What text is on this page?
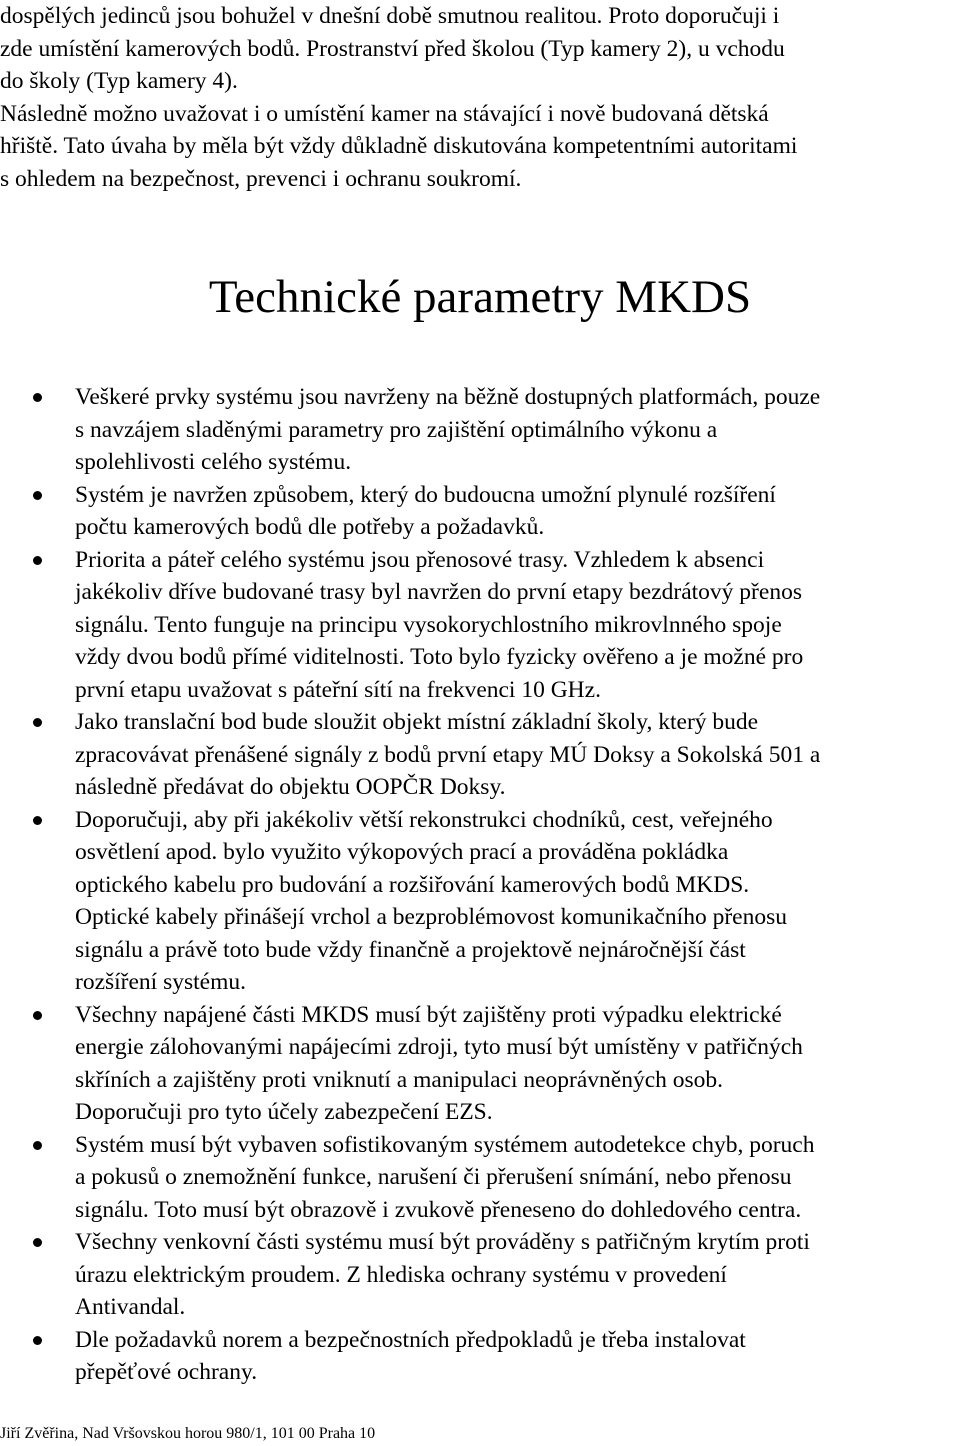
dospělých jedinců jsou bohužel v dnešní době smutnou realitou. Proto doporučuji i

zde umístění kamerových bodů. Prostranství před školou (Typ kamery 2), u vchodu

do školy (Typ kamery 4).

Následně možno uvažovat i o umístění kamer na stávající i nově budovaná dětská

hřiště. Tato úvaha by měla být vždy důkladně diskutována kompetentními autoritami

s ohledem na bezpečnost, prevenci i ochranu soukromí.

Technické parametry MKDS
Veškeré prvky systému jsou navrženy na běžně dostupných platformách, pouze
s navzájem sladěnými parametry pro zajištění optimálního výkonu a
spolehlivosti celého systému.
Systém je navržen způsobem, který do budoucna umožní plynulé rozšíření
počtu kamerových bodů dle potřeby a požadavků.
Priorita a páteř celého systému jsou přenosové trasy. Vzhledem k absenci
jakékoliv dříve budované trasy byl navržen do první etapy bezdrátový přenos
signálu. Tento funguje na principu vysokorychlostního mikrovlnného spoje
vždy dvou bodů přímé viditelnosti. Toto bylo fyzicky ověřeno a je možné pro
první etapu uvažovat s páteřní sítí na frekvenci 10 GHz.
Jako translační bod bude sloužit objekt místní základní školy, který bude
zpracovávat přenášené signály z bodů první etapy MÚ Doksy a Sokolská 501 a
následně předávat do objektu OOPČR Doksy.
Doporučuji, aby při jakékoliv větší rekonstrukci chodníků, cest, veřejného
osvětlení apod. bylo využito výkopových prací a prováděna pokládka
optického kabelu pro budování a rozšiřování kamerových bodů MKDS.
Optické kabely přinášejí vrchol a bezproblémovost komunikačního přenosu
signálu a právě toto bude vždy finančně a projektově nejnáročnější část
rozšíření systému.
Všechny napájené části MKDS musí být zajištěny proti výpadku elektrické
energie zálohovanými napájecími zdroji, tyto musí být umístěny v patřičných
skříních a zajištěny proti vniknutí a manipulaci neoprávněných osob.
Doporučuji pro tyto účely zabezpečení EZS.
Systém musí být vybaven sofistikovaným systémem autodetekce chyb, poruch
a pokusů o znemožnění funkce, narušení či přerušení snímání, nebo přenosu
signálu. Toto musí být obrazově i zvukově přeneseno do dohledového centra.
Všechny venkovní části systému musí být prováděny s patřičným krytím proti
úrazu elektrickým proudem. Z hlediska ochrany systému v provedení
Antivandal.
Dle požadavků norem a bezpečnostních předpokladů je třeba instalovat
přepěťové ochrany.

Jiří Zvěřina, Nad Vršovskou horou 980/1, 101 00 Praha 10
